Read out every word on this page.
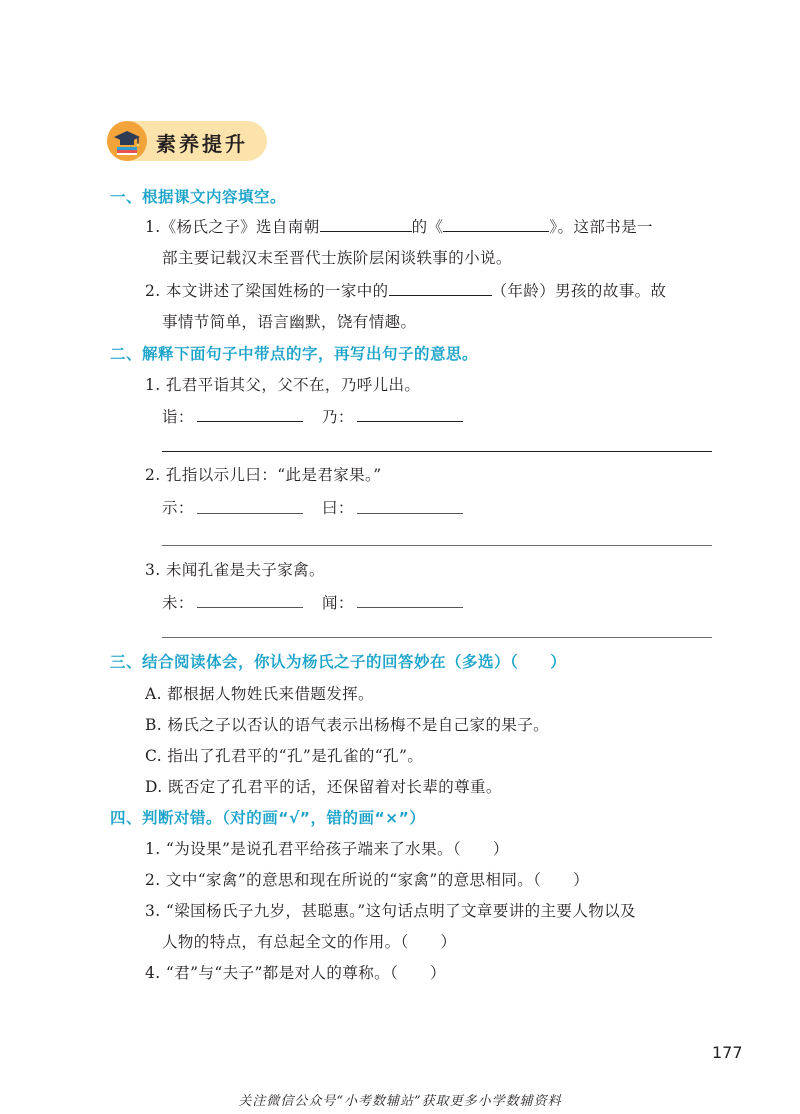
素养提升
一、根据课文内容填空。
1.《杨氏之子》选自南朝	的《	》。这部书是一
部主要记载汉末至晋代士族阶层闲谈轶事的小说。
2. 本文讲述了梁国姓杨的一家中的	（年龄）男孩的故事。故
事情节简单，语言幽默，饶有情趣。
二、解释下面句子中带点的字，再写出句子的意思。
1. 孔君平诣其父，父不在，乃呼儿出。
诣：	乃：
2. 孔指以示儿曰：“此是君家果。”
示：	曰：
3. 未闻孔雀是夫子家禽。
未：	闻：
三、结合阅读体会，你认为杨氏之子的回答妙在（多选）（　　）
A. 都根据人物姓氏来借题发挥。
B. 杨氏之子以否认的语气表示出杨梅不是自己家的果子。
C. 指出了孔君平的“孔”是孔雀的“孔”。
D. 既否定了孔君平的话，还保留着对长辈的尊重。
四、判断对错。（对的画“√”，错的画“×”）
1. “为设果”是说孔君平给孩子端来了水果。（　　）
2. 文中“家禽”的意思和现在所说的“家禽”的意思相同。（　　）
3. “梁国杨氏子九岁，甚聪惠。”这句话点明了文章要讲的主要人物以及
人物的特点，有总起全文的作用。（　　）
4. “君”与“夫子”都是对人的尊称。（　　）
177
关注微信公众号“小考数辅站”获取更多小学数辅资料
